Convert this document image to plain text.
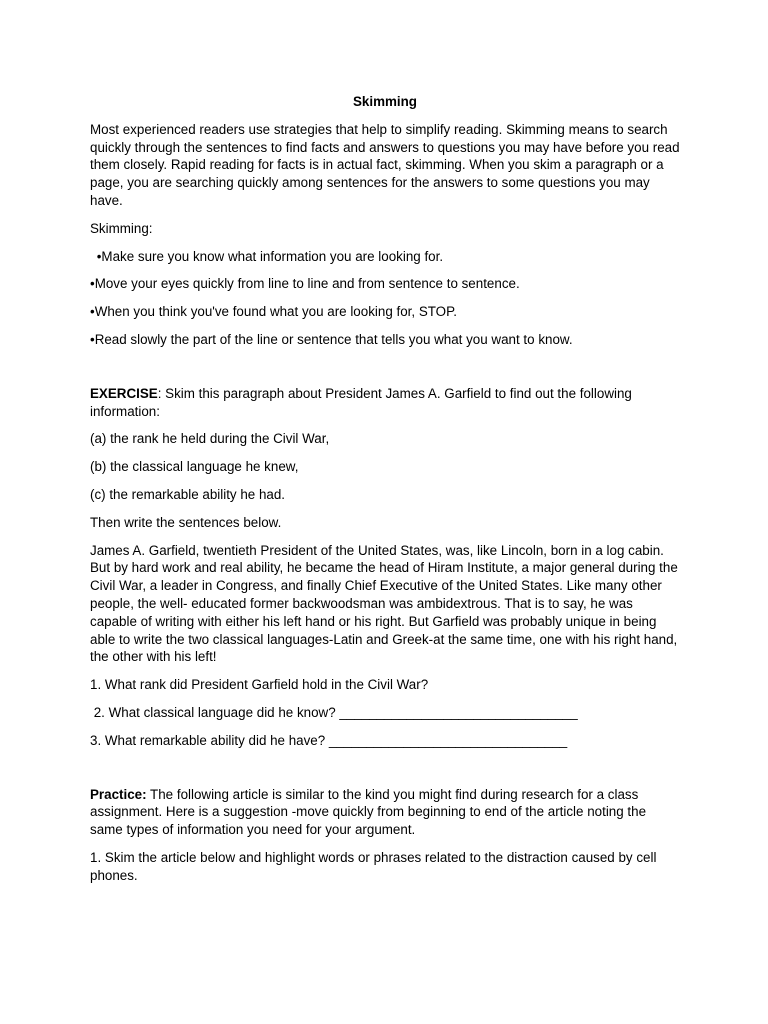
Skimming

Most experienced readers use strategies that help to simplify reading. Skimming means to search quickly through the sentences to find facts and answers to questions you may have before you read them closely. Rapid reading for facts is in actual fact, skimming. When you skim a paragraph or a page, you are searching quickly among sentences for the answers to some questions you may have.

Skimming:

•Make sure you know what information you are looking for.

•Move your eyes quickly from line to line and from sentence to sentence.

•When you think you've found what you are looking for, STOP.

•Read slowly the part of the line or sentence that tells you what you want to know.

EXERCISE: Skim this paragraph about President James A. Garfield to find out the following information:

(a) the rank he held during the Civil War,

(b) the classical language he knew,

(c) the remarkable ability he had.

Then write the sentences below.

James A. Garfield, twentieth President of the United States, was, like Lincoln, born in a log cabin. But by hard work and real ability, he became the head of Hiram Institute, a major general during the Civil War, a leader in Congress, and finally Chief Executive of the United States. Like many other people, the well- educated former backwoodsman was ambidextrous. That is to say, he was capable of writing with either his left hand or his right. But Garfield was probably unique in being able to write the two classical languages-Latin and Greek-at the same time, one with his right hand, the other with his left!

1. What rank did President Garfield hold in the Civil War?

2. What classical language did he know? ________________________________

3. What remarkable ability did he have? ________________________________

Practice: The following article is similar to the kind you might find during research for a class assignment. Here is a suggestion -move quickly from beginning to end of the article noting the same types of information you need for your argument.

1. Skim the article below and highlight words or phrases related to the distraction caused by cell phones.
